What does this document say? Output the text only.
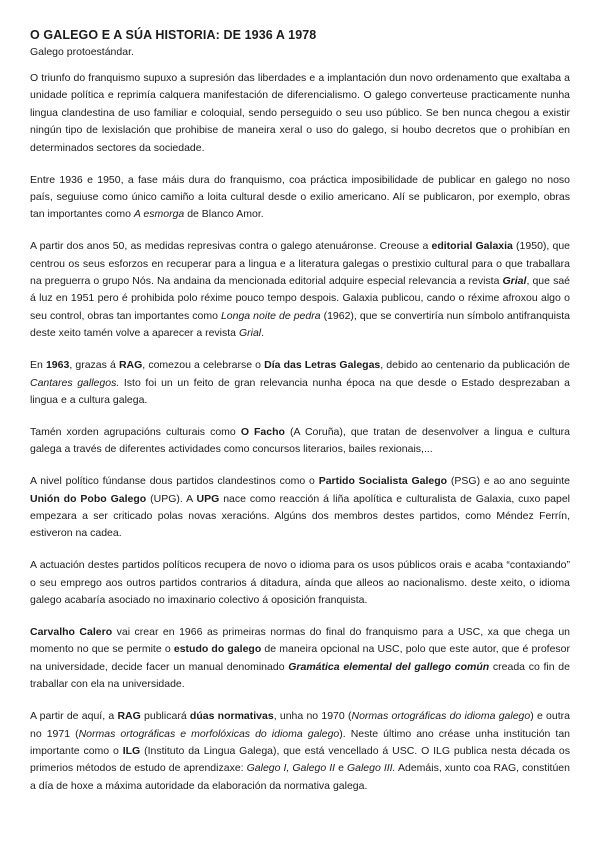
O GALEGO E A SÚA HISTORIA: DE 1936 A 1978
Galego protoestándar.

O triunfo do franquismo supuxo a supresión das liberdades e a implantación dun novo ordenamento que exaltaba a unidade política e reprimía calquera manifestación de diferencialismo. O galego converteuse practicamente nunha lingua clandestina de uso familiar e coloquial, sendo perseguido o seu uso público. Se ben nunca chegou a existir ningún tipo de lexislación que prohibise de maneira xeral o uso do galego, si houbo decretos que o prohibían en determinados sectores da sociedade.

Entre 1936 e 1950, a fase máis dura do franquismo, coa práctica imposibilidade de publicar en galego no noso país, seguiuse como único camiño a loita cultural desde o exilio americano. Alí se publicaron, por exemplo, obras tan importantes como A esmorga de Blanco Amor.

A partir dos anos 50, as medidas represivas contra o galego atenuáronse. Creouse a editorial Galaxia (1950), que centrou os seus esforzos en recuperar para a lingua e a literatura galegas o prestixio cultural para o que traballara na preguerra o grupo Nós. Na andaina da mencionada editorial adquire especial relevancia a revista Grial, que saé á luz en 1951 pero é prohibida polo réxime pouco tempo despois. Galaxia publicou, cando o réxime afroxou algo o seu control, obras tan importantes como Longa noite de pedra (1962), que se convertiría nun símbolo antifranquista deste xeito tamén volve a aparecer a revista Grial.

En 1963, grazas á RAG, comezou a celebrarse o Día das Letras Galegas, debido ao centenario da publicación de Cantares gallegos. Isto foi un un feito de gran relevancia nunha época na que desde o Estado desprezaban a lingua e a cultura galega.

Tamén xorden agrupacións culturais como O Facho (A Coruña), que tratan de desenvolver a lingua e cultura galega a través de diferentes actividades como concursos literarios, bailes rexionais,...

A nivel político fúndanse dous partidos clandestinos como o Partido Socialista Galego (PSG) e ao ano seguinte Unión do Pobo Galego (UPG). A UPG nace como reacción á liña apolítica e culturalista de Galaxia, cuxo papel empezara a ser criticado polas novas xeracións. Algúns dos membros destes partidos, como Méndez Ferrín, estiveron na cadea.

A actuación destes partidos políticos recupera de novo o idioma para os usos públicos orais e acaba “contaxiando” o seu emprego aos outros partidos contrarios á ditadura, aínda que alleos ao nacionalismo. deste xeito, o idioma galego acabaría asociado no imaxinario colectivo á oposición franquista.

Carvalho Calero vai crear en 1966 as primeiras normas do final do franquismo para a USC, xa que chega un momento no que se permite o estudo do galego de maneira opcional na USC, polo que este autor, que é profesor na universidade, decide facer un manual denominado Gramática elemental del gallego común creada co fin de traballar con ela na universidade.

A partir de aquí, a RAG publicará dúas normativas, unha no 1970 (Normas ortográficas do idioma galego) e outra no 1971 (Normas ortográficas e morfolóxicas do idioma galego). Neste último ano créase unha institución tan importante como o ILG (Instituto da Lingua Galega), que está vencellado á USC. O ILG publica nesta década os primerios métodos de estudo de aprendizaxe: Galego I, Galego II e Galego III. Ademáis, xunto coa RAG, constitúen a día de hoxe a máxima autoridade da elaboración da normativa galega.
